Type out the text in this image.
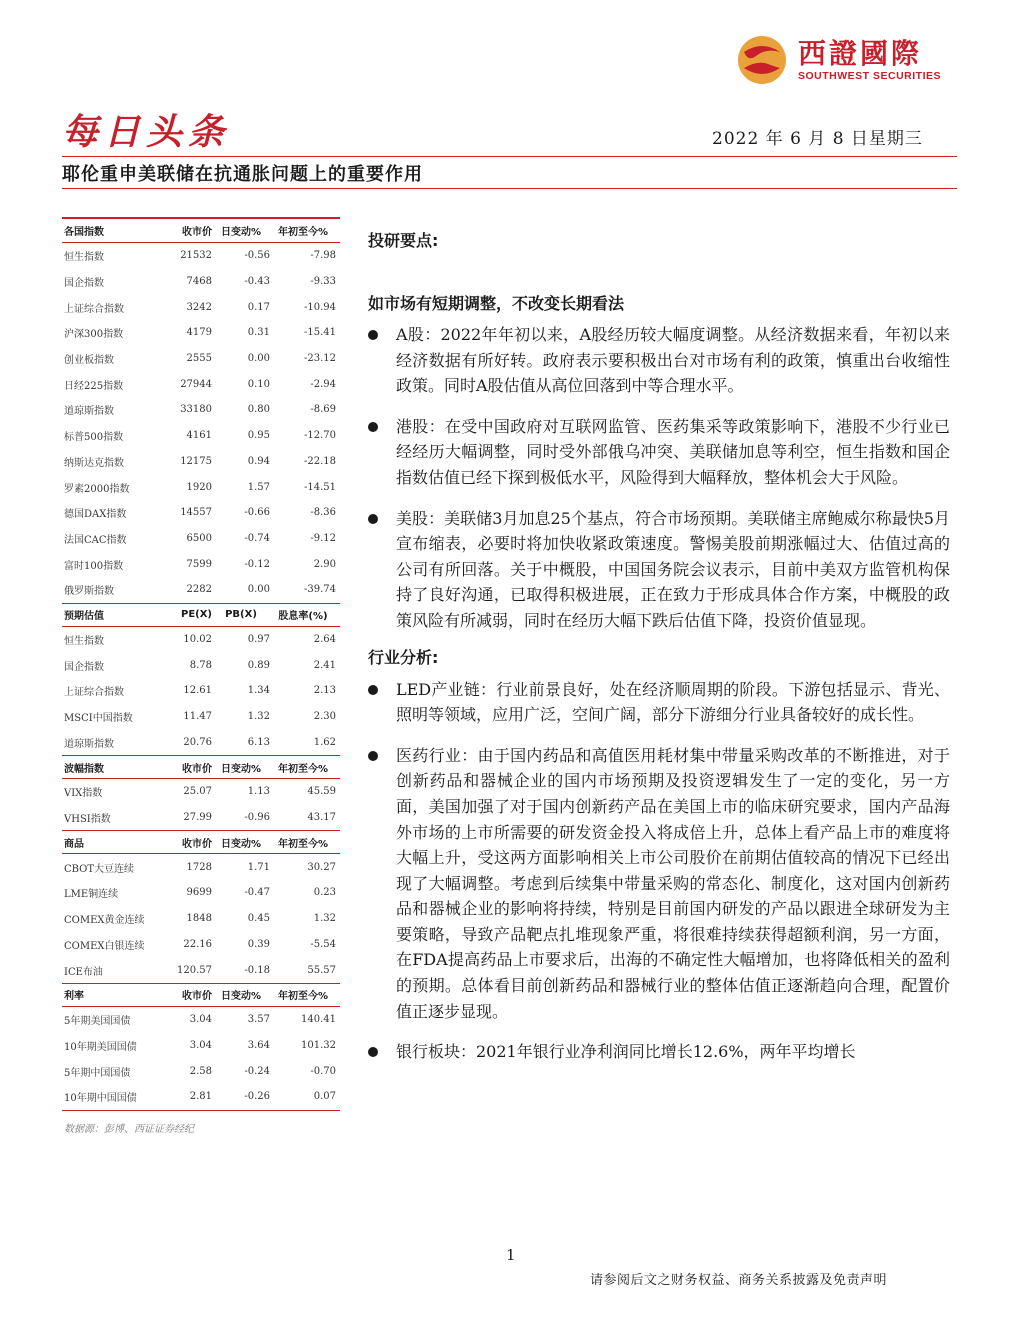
西證國際
SOUTHWEST SECURITIES
每日头条	2022 年 6 月 8 日星期三
耶伦重申美联储在抗通胀问题上的重要作用
各国指数	收市价 日变动%	年初至今%
恒生指数	21532	-0.56	-7.98
国企指数	7468	-0.43	-9.33
上证综合指数	3242	0.17	-10.94
沪深300指数	4179	0.31	-15.41
创业板指数	2555	0.00	-23.12
日经225指数	27944	0.10	-2.94
道琼斯指数	33180	0.80	-8.69
标普500指数	4161	0.95	-12.70
纳斯达克指数	12175	0.94	-22.18
罗素2000指数	1920	1.57	-14.51
德国DAX指数	14557	-0.66	-8.36
法国CAC指数	6500	-0.74	-9.12
富时100指数	7599	-0.12	2.90
俄罗斯指数	2282	0.00	-39.74
预期估值	PE(X)	PB(X)	股息率(%)
恒生指数	10.02	0.97	2.64
国企指数	8.78	0.89	2.41
上证综合指数	12.61	1.34	2.13
MSCI中国指数	11.47	1.32	2.30
道琼斯指数	20.76	6.13	1.62
波幅指数	收市价 日变动%	年初至今%
VIX指数	25.07	1.13	45.59
VHSI指数	27.99	-0.96	43.17
商品	收市价 日变动%	年初至今%
CBOT大豆连续	1728	1.71	30.27
LME铜连续	9699	-0.47	0.23
COMEX黄金连续	1848	0.45	1.32
COMEX白银连续	22.16	0.39	-5.54
ICE布油	120.57	-0.18	55.57
利率	收市价 日变动%	年初至今%
5年期美国国债	3.04	3.57	140.41
10年期美国国债	3.04	3.64	101.32
5年期中国国债	2.58	-0.24	-0.70
10年期中国国债	2.81	-0.26	0.07
数据源：彭博、西证证券经纪
投研要点:
如市场有短期调整，不改变长期看法
A股：2022年年初以来，A股经历较大幅度调整。从经济数据来看，年初以来经济数据有所好转。政府表示要积极出台对市场有利的政策，慎重出台收缩性政策。同时A股估值从高位回落到中等合理水平。
港股：在受中国政府对互联网监管、医药集采等政策影响下，港股不少行业已经经历大幅调整，同时受外部俄乌冲突、美联储加息等利空，恒生指数和国企指数估值已经下探到极低水平，风险得到大幅释放，整体机会大于风险。
美股：美联储3月加息25个基点，符合市场预期。美联储主席鲍威尔称最快5月宣布缩表，必要时将加快收紧政策速度。警惕美股前期涨幅过大、估值过高的公司有所回落。关于中概股，中国国务院会议表示，目前中美双方监管机构保持了良好沟通，已取得积极进展，正在致力于形成具体合作方案，中概股的政策风险有所减弱，同时在经历大幅下跌后估值下降，投资价值显现。
行业分析:
LED产业链：行业前景良好，处在经济顺周期的阶段。下游包括显示、背光、照明等领域，应用广泛，空间广阔，部分下游细分行业具备较好的成长性。
医药行业：由于国内药品和高值医用耗材集中带量采购改革的不断推进，对于创新药品和器械企业的国内市场预期及投资逻辑发生了一定的变化，另一方面，美国加强了对于国内创新药产品在美国上市的临床研究要求，国内产品海外市场的上市所需要的研发资金投入将成倍上升，总体上看产品上市的难度将大幅上升，受这两方面影响相关上市公司股价在前期估值较高的情况下已经出现了大幅调整。考虑到后续集中带量采购的常态化、制度化，这对国内创新药品和器械企业的影响将持续，特别是目前国内研发的产品以跟进全球研发为主要策略，导致产品靶点扎堆现象严重，将很难持续获得超额利润，另一方面，在FDA提高药品上市要求后，出海的不确定性大幅增加，也将降低相关的盈利的预期。总体看目前创新药品和器械行业的整体估值正逐渐趋向合理，配置价值正逐步显现。
银行板块：2021年银行业净利润同比增长12.6%，两年平均增长
1
请参阅后文之财务权益、商务关系披露及免责声明
